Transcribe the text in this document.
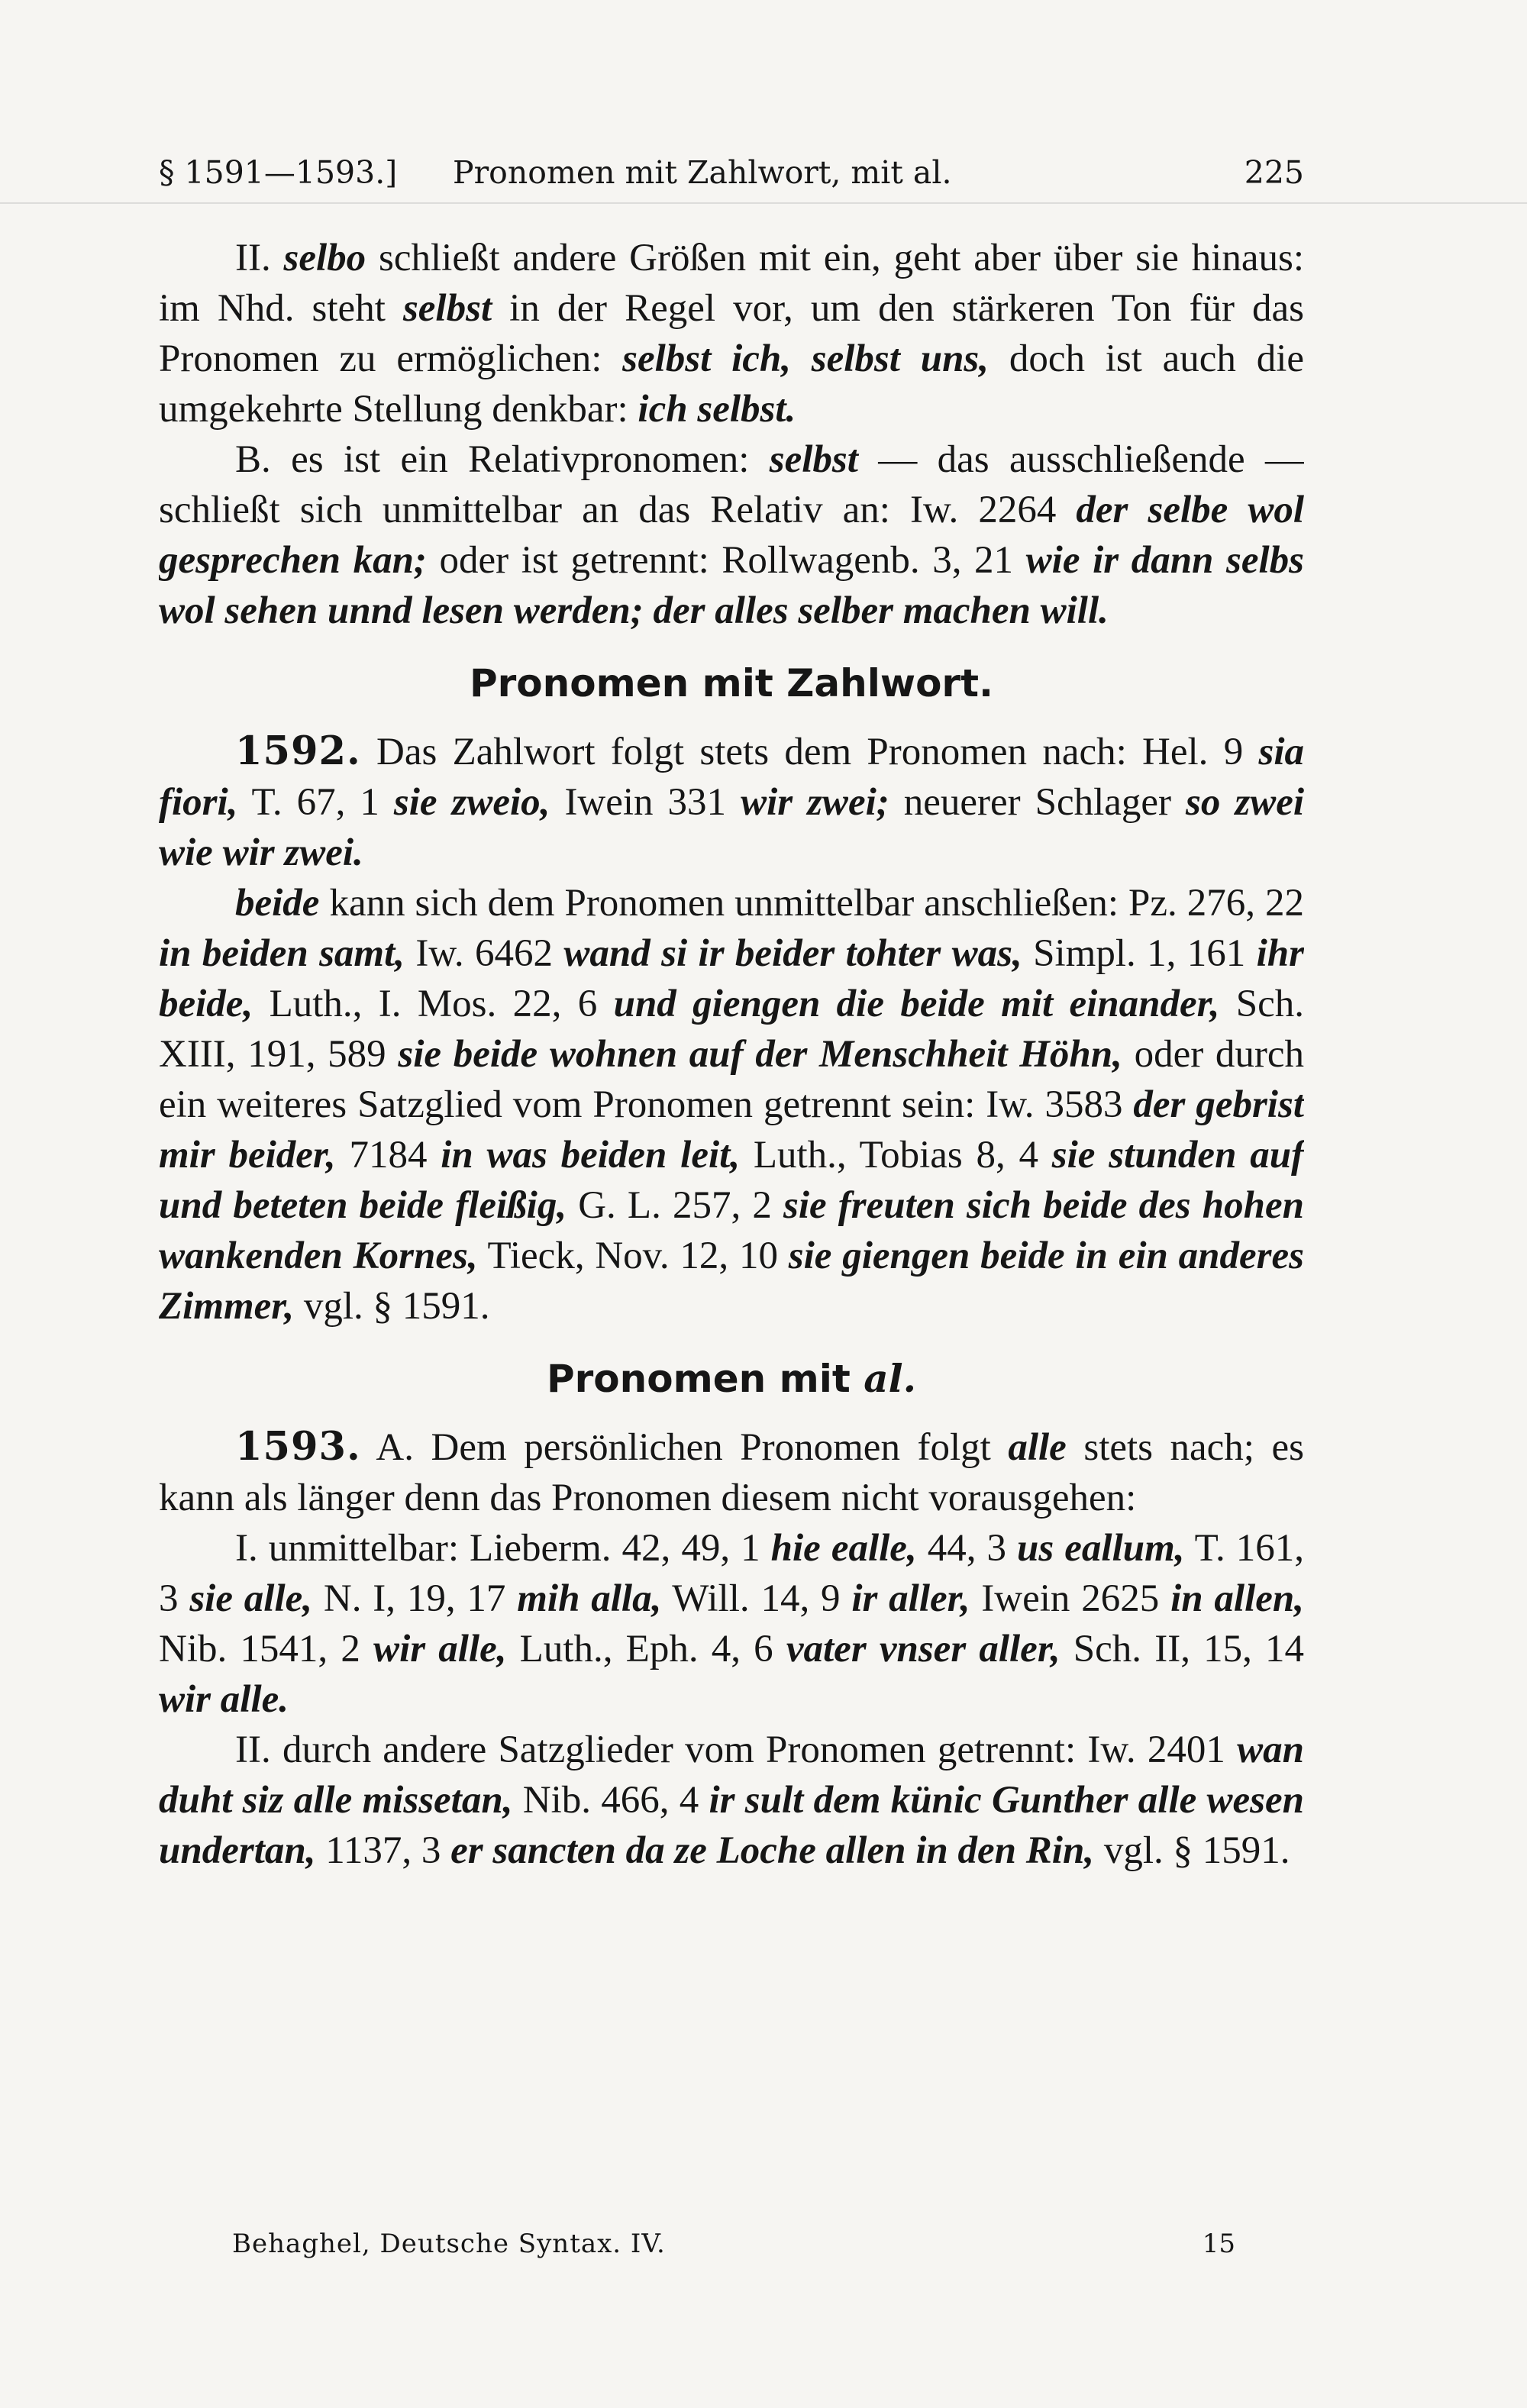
§ 1591—1593.] Pronomen mit Zahlwort, mit al.	225

II. selbo schließt andere Größen mit ein, geht aber über sie hinaus: im Nhd. steht selbst in der Regel vor, um den stärkeren Ton für das Pronomen zu ermöglichen: selbst ich, selbst uns, doch ist auch die umgekehrte Stellung denkbar: ich selbst.

B. es ist ein Relativpronomen: selbst — das ausschließende — schließt sich unmittelbar an das Relativ an: Iw. 2264 der selbe wol gesprechen kan; oder ist getrennt: Rollwagenb. 3, 21 wie ir dann selbs wol sehen unnd lesen werden; der alles selber machen will.

Pronomen mit Zahlwort.

1592. Das Zahlwort folgt stets dem Pronomen nach: Hel. 9 sia fiori, T. 67, 1 sie zweio, Iwein 331 wir zwei; neuerer Schlager so zwei wie wir zwei.

beide kann sich dem Pronomen unmittelbar anschließen: Pz. 276, 22 in beiden samt, Iw. 6462 wand si ir beider tohter was, Simpl. 1, 161 ihr beide, Luth., I. Mos. 22, 6 und giengen die beide mit einander, Sch. XIII, 191, 589 sie beide wohnen auf der Menschheit Höhn, oder durch ein weiteres Satzglied vom Pronomen getrennt sein: Iw. 3583 der gebrist mir beider, 7184 in was beiden leit, Luth., Tobias 8, 4 sie stunden auf und beteten beide fleißig, G. L. 257, 2 sie freuten sich beide des hohen wankenden Kornes, Tieck, Nov. 12, 10 sie giengen beide in ein anderes Zimmer, vgl. § 1591.

Pronomen mit al.

1593. A. Dem persönlichen Pronomen folgt alle stets nach; es kann als länger denn das Pronomen diesem nicht vorausgehen:

I. unmittelbar: Lieberm. 42, 49, 1 hie ealle, 44, 3 us eallum, T. 161, 3 sie alle, N. I, 19, 17 mih alla, Will. 14, 9 ir aller, Iwein 2625 in allen, Nib. 1541, 2 wir alle, Luth., Eph. 4, 6 vater vnser aller, Sch. II, 15, 14 wir alle.

II. durch andere Satzglieder vom Pronomen getrennt: Iw. 2401 wan duht siz alle missetan, Nib. 466, 4 ir sult dem künic Gunther alle wesen undertan, 1137, 3 er sancten da ze Loche allen in den Rin, vgl. § 1591.

Behaghel, Deutsche Syntax. IV.	15
